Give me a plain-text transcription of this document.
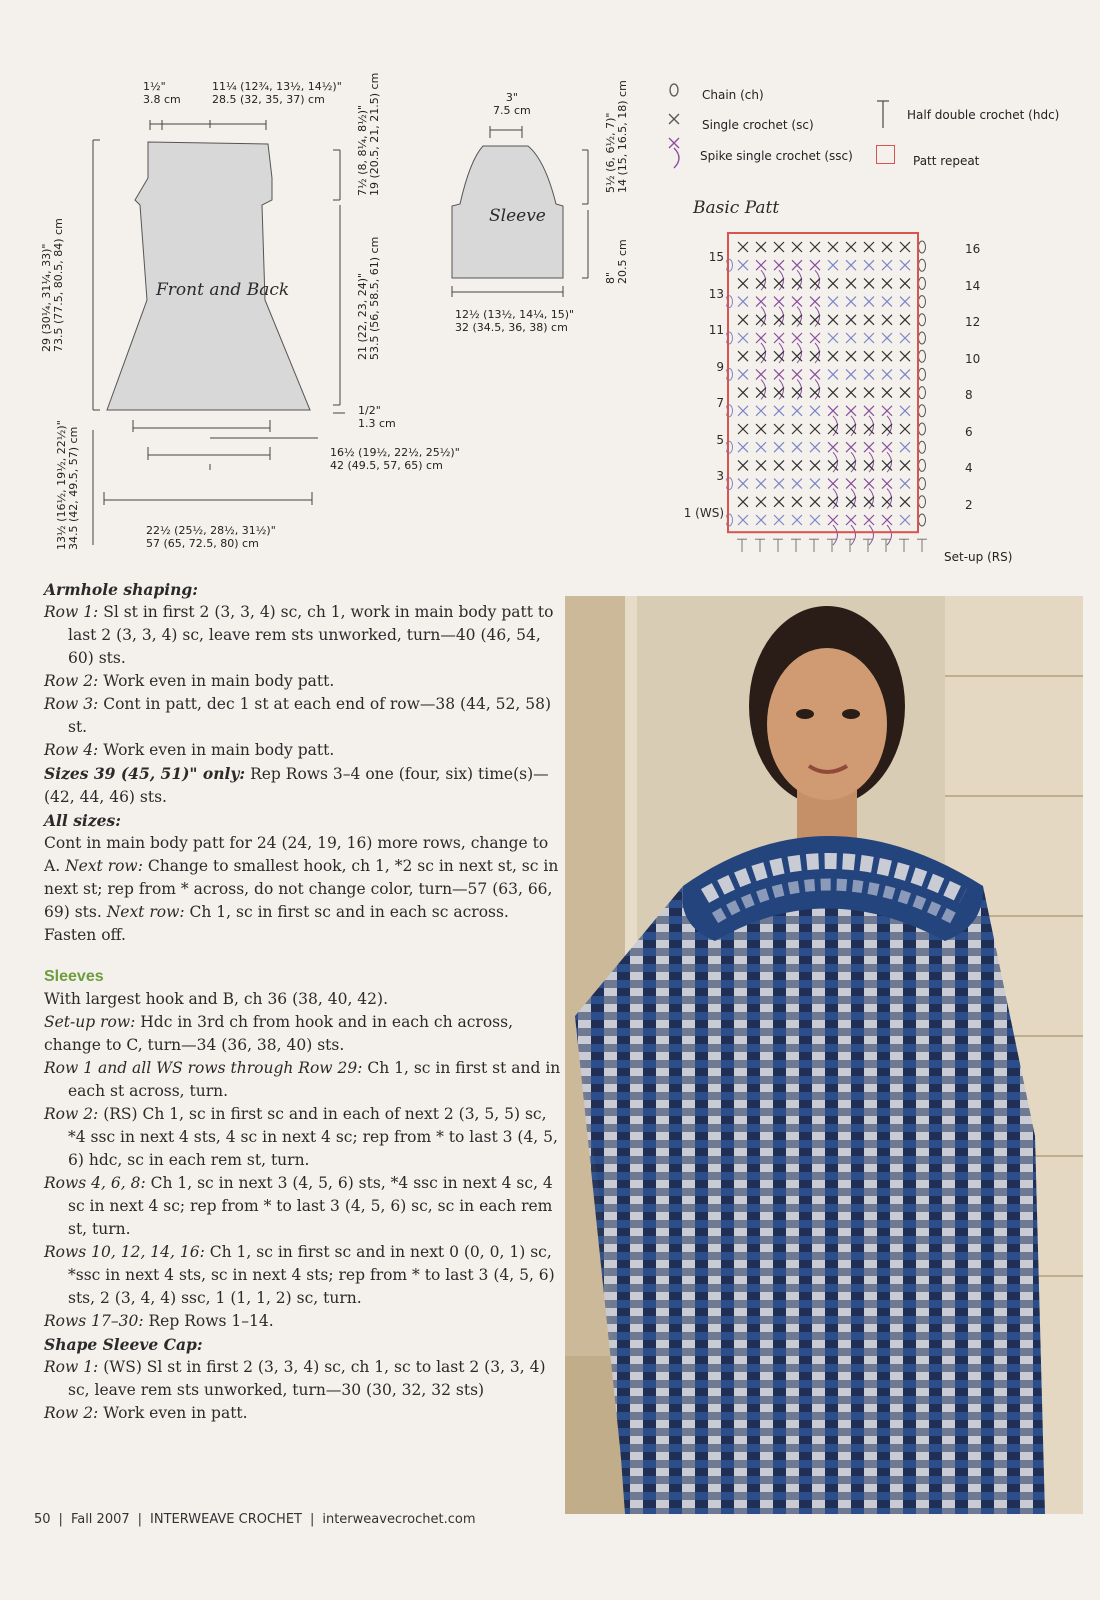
Front and Back
Sleeve
1½"
3.8 cm
11¼ (12¾, 13½, 14½)"
28.5 (32, 35, 37) cm
7½ (8, 8¼, 8½)" 19 (20.5, 21, 21.5) cm
21 (22, 23, 24)" 53.5 (56, 58.5, 61) cm
29 (30¼, 31¼, 33)" 73.5 (77.5, 80.5, 84) cm
1/2"
1.3 cm
16½ (19½, 22½, 25½)"
42 (49.5, 57, 65) cm
13½ (16½, 19½, 22½)" 34.5 (42, 49.5, 57) cm	22½ (25½, 28½, 31½)"
57 (65, 72.5, 80) cm
3"
7.5 cm
5½ (6, 6½, 7)" 14 (15, 16.5, 18) cm
8" 20.5 cm
12½ (13½, 14¼, 15)"
32 (34.5, 36, 38) cm
Chain (ch)
Single crochet (sc)
Spike single crochet (ssc)
Half double crochet (hdc)
Patt repeat
Basic Patt
15
13
11
9
7
5
3
1 (WS)
16
14
12
10
8
6
4
2
Set-up (RS)

Armhole shaping:

Row 1: Sl st in first 2 (3, 3, 4) sc, ch 1, work in main body patt to last 2 (3, 3, 4) sc, leave rem sts unworked, turn—40 (46, 54, 60) sts.

Row 2: Work even in main body patt.

Row 3: Cont in patt, dec 1 st at each end of row—38 (44, 52, 58) st.

Row 4: Work even in main body patt.

Sizes 39 (45, 51)" only: Rep Rows 3–4 one (four, six) time(s)—(42, 44, 46) sts.

All sizes:

Cont in main body patt for 24 (24, 19, 16) more rows, change to A. Next row: Change to smallest hook, ch 1, *2 sc in next st, sc in next st; rep from * across, do not change color, turn—57 (63, 66, 69) sts. Next row: Ch 1, sc in first sc and in each sc across. Fasten off.

Sleeves

With largest hook and B, ch 36 (38, 40, 42).

Set-up row: Hdc in 3rd ch from hook and in each ch across, change to C, turn—34 (36, 38, 40) sts.

Row 1 and all WS rows through Row 29: Ch 1, sc in first st and in each st across, turn.

Row 2: (RS) Ch 1, sc in first sc and in each of next 2 (3, 5, 5) sc, *4 ssc in next 4 sts, 4 sc in next 4 sc; rep from * to last 3 (4, 5, 6) hdc, sc in each rem st, turn.

Rows 4, 6, 8: Ch 1, sc in next 3 (4, 5, 6) sts, *4 ssc in next 4 sc, 4 sc in next 4 sc; rep from * to last 3 (4, 5, 6) sc, sc in each rem st, turn.

Rows 10, 12, 14, 16: Ch 1, sc in first sc and in next 0 (0, 0, 1) sc, *ssc in next 4 sts, sc in next 4 sts; rep from * to last 3 (4, 5, 6) sts, 2 (3, 4, 4) ssc, 1 (1, 1, 2) sc, turn.

Rows 17–30: Rep Rows 1–14.

Shape Sleeve Cap:

Row 1: (WS) Sl st in first 2 (3, 3, 4) sc, ch 1, sc to last 2 (3, 3, 4) sc, leave rem sts unworked, turn—30 (30, 32, 32 sts)

Row 2: Work even in patt.

50 | Fall 2007 | INTERWEAVE CROCHET | interweavecrochet.com
